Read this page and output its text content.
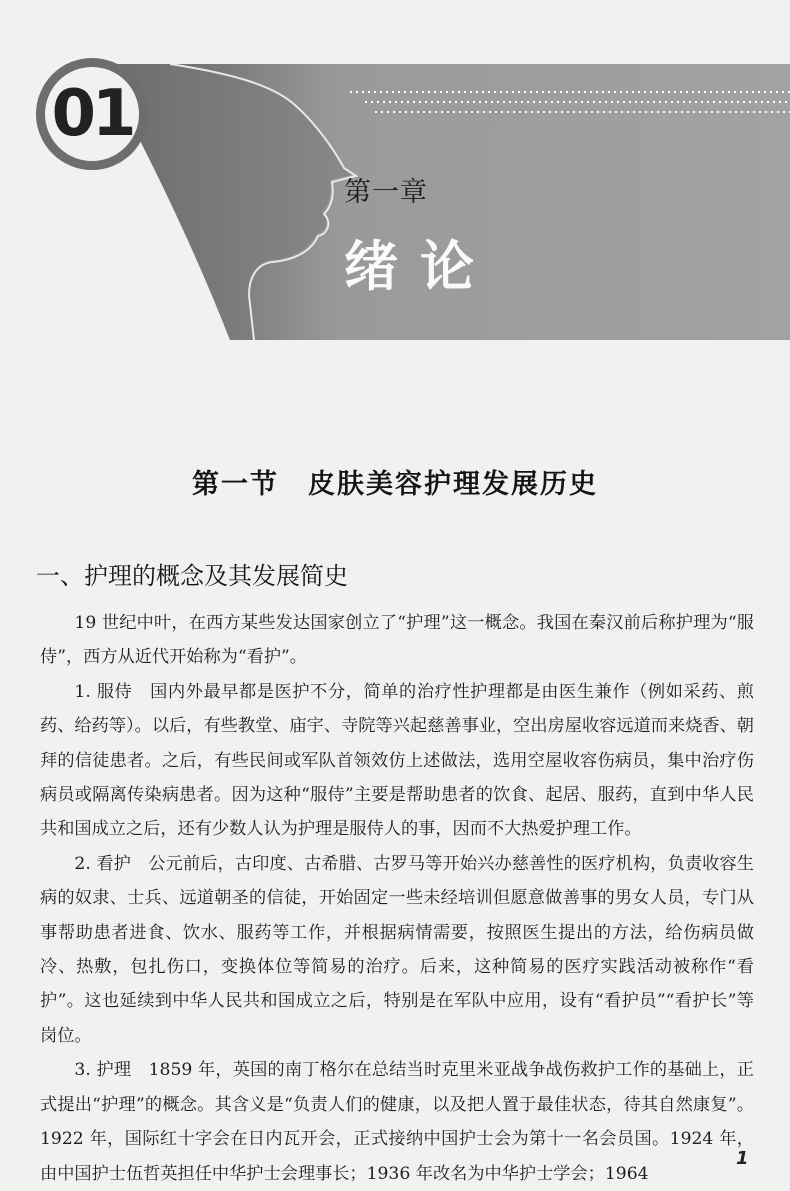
01
第一章
绪论
第一节　皮肤美容护理发展历史
一、护理的概念及其发展简史

19 世纪中叶，在西方某些发达国家创立了“护理”这一概念。我国在秦汉前后称护理为“服侍”，西方从近代开始称为“看护”。

1. 服侍　国内外最早都是医护不分，简单的治疗性护理都是由医生兼作（例如采药、煎药、给药等）。以后，有些教堂、庙宇、寺院等兴起慈善事业，空出房屋收容远道而来烧香、朝拜的信徒患者。之后，有些民间或军队首领效仿上述做法，选用空屋收容伤病员，集中治疗伤病员或隔离传染病患者。因为这种“服侍”主要是帮助患者的饮食、起居、服药，直到中华人民共和国成立之后，还有少数人认为护理是服侍人的事，因而不大热爱护理工作。

2. 看护　公元前后，古印度、古希腊、古罗马等开始兴办慈善性的医疗机构，负责收容生病的奴隶、士兵、远道朝圣的信徒，开始固定一些未经培训但愿意做善事的男女人员，专门从事帮助患者进食、饮水、服药等工作，并根据病情需要，按照医生提出的方法，给伤病员做冷、热敷，包扎伤口，变换体位等简易的治疗。后来，这种简易的医疗实践活动被称作“看护”。这也延续到中华人民共和国成立之后，特别是在军队中应用，设有“看护员”“看护长”等岗位。

3. 护理　1859 年，英国的南丁格尔在总结当时克里米亚战争战伤救护工作的基础上，正式提出“护理”的概念。其含义是“负责人们的健康，以及把人置于最佳状态，待其自然康复”。1922 年，国际红十字会在日内瓦开会，正式接纳中国护士会为第十一名会员国。1924 年，由中国护士伍哲英担任中华护士会理事长；1936 年改名为中华护士学会；1964

1
